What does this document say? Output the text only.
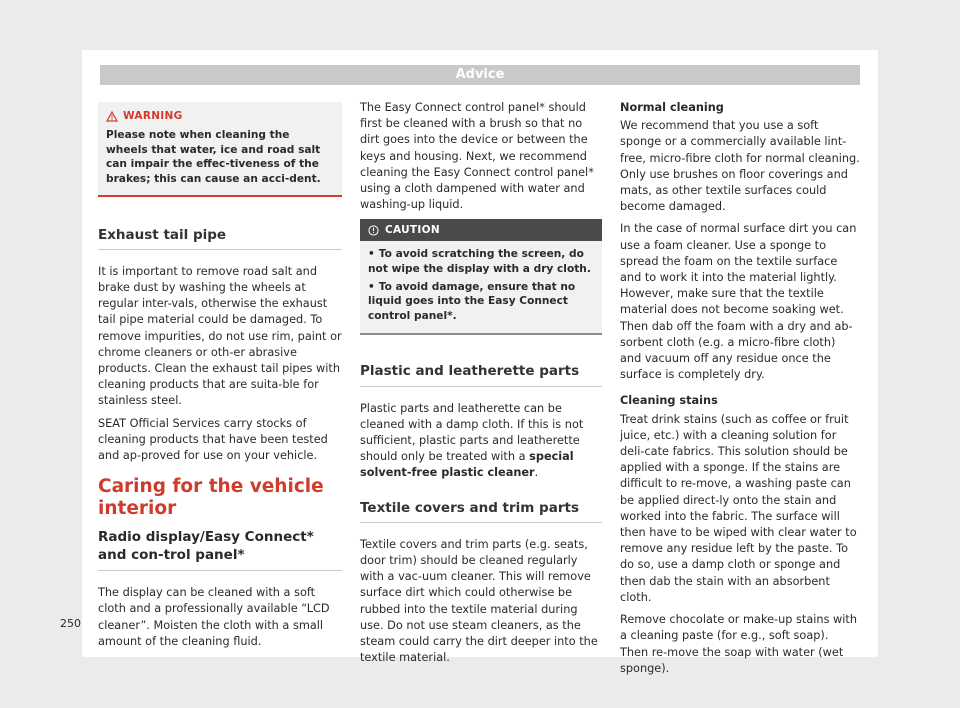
Advice
WARNING
Please note when cleaning the wheels that water, ice and road salt can impair the effec-tiveness of the brakes; this can cause an acci-dent.
Exhaust tail pipe

It is important to remove road salt and brake dust by washing the wheels at regular inter-vals, otherwise the exhaust tail pipe material could be damaged. To remove impurities, do not use rim, paint or chrome cleaners or oth-er abrasive products. Clean the exhaust tail pipes with cleaning products that are suita-ble for stainless steel.

SEAT Official Services carry stocks of cleaning products that have been tested and ap-proved for use on your vehicle.

Caring for the vehicle interior
Radio display/Easy Connect* and con-trol panel*

The display can be cleaned with a soft cloth and a professionally available “LCD cleaner”. Moisten the cloth with a small amount of the cleaning fluid.

The Easy Connect control panel* should first be cleaned with a brush so that no dirt goes into the device or between the keys and housing. Next, we recommend cleaning the Easy Connect control panel* using a cloth dampened with water and washing-up liquid.

CAUTION
• To avoid scratching the screen, do not wipe the display with a dry cloth.
• To avoid damage, ensure that no liquid goes into the Easy Connect control panel*.
Plastic and leatherette parts

Plastic parts and leatherette can be cleaned with a damp cloth. If this is not sufficient, plastic parts and leatherette should only be treated with a special solvent-free plastic cleaner.

Textile covers and trim parts

Textile covers and trim parts (e.g. seats, door trim) should be cleaned regularly with a vac-uum cleaner. This will remove surface dirt which could otherwise be rubbed into the textile material during use. Do not use steam cleaners, as the steam could carry the dirt deeper into the textile material.

Normal cleaning

We recommend that you use a soft sponge or a commercially available lint-free, micro-fibre cloth for normal cleaning. Only use brushes on floor coverings and mats, as other textile surfaces could become damaged.

In the case of normal surface dirt you can use a foam cleaner. Use a sponge to spread the foam on the textile surface and to work it into the material lightly. However, make sure that the textile material does not become soaking wet. Then dab off the foam with a dry and ab-sorbent cloth (e.g. a micro-fibre cloth) and vacuum off any residue once the surface is completely dry.

Cleaning stains

Treat drink stains (such as coffee or fruit juice, etc.) with a cleaning solution for deli-cate fabrics. This solution should be applied with a sponge. If the stains are difficult to re-move, a washing paste can be applied direct-ly onto the stain and worked into the fabric. The surface will then have to be wiped with clear water to remove any residue left by the paste. To do so, use a damp cloth or sponge and then dab the stain with an absorbent cloth.

Remove chocolate or make-up stains with a cleaning paste (for e.g., soft soap). Then re-move the soap with water (wet sponge).

250
